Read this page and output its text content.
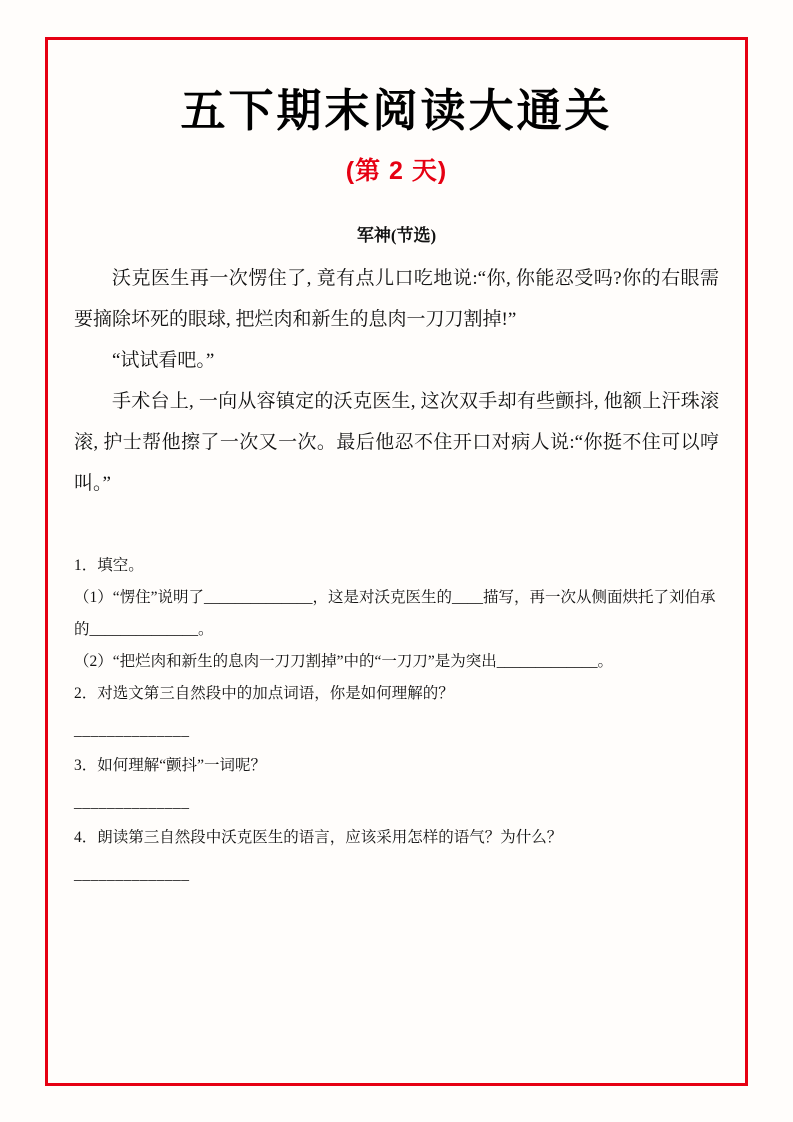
五下期末阅读大通关
(第 2 天)
军神(节选)

沃克医生再一次愣住了, 竟有点儿口吃地说:“你, 你能忍受吗?你的右眼需要摘除坏死的眼球, 把烂肉和新生的息肉一刀刀割掉!”

“试试看吧。”

手术台上, 一向从容镇定的沃克医生, 这次双手却有些颤抖, 他额上汗珠滚滚, 护士帮他擦了一次又一次。最后他忍不住开口对病人说:“你挺不住可以哼叫。”

1．填空。

（1）“愣住”说明了______________，这是对沃克医生的____描写，再一次从侧面烘托了刘伯承的______________。

（2）“把烂肉和新生的息肉一刀刀割掉”中的“一刀刀”是为突出_____________。

2．对选文第三自然段中的加点词语，你是如何理解的？

______________

3．如何理解“颤抖”一词呢？

______________

4．朗读第三自然段中沃克医生的语言，应该采用怎样的语气？为什么？

______________
